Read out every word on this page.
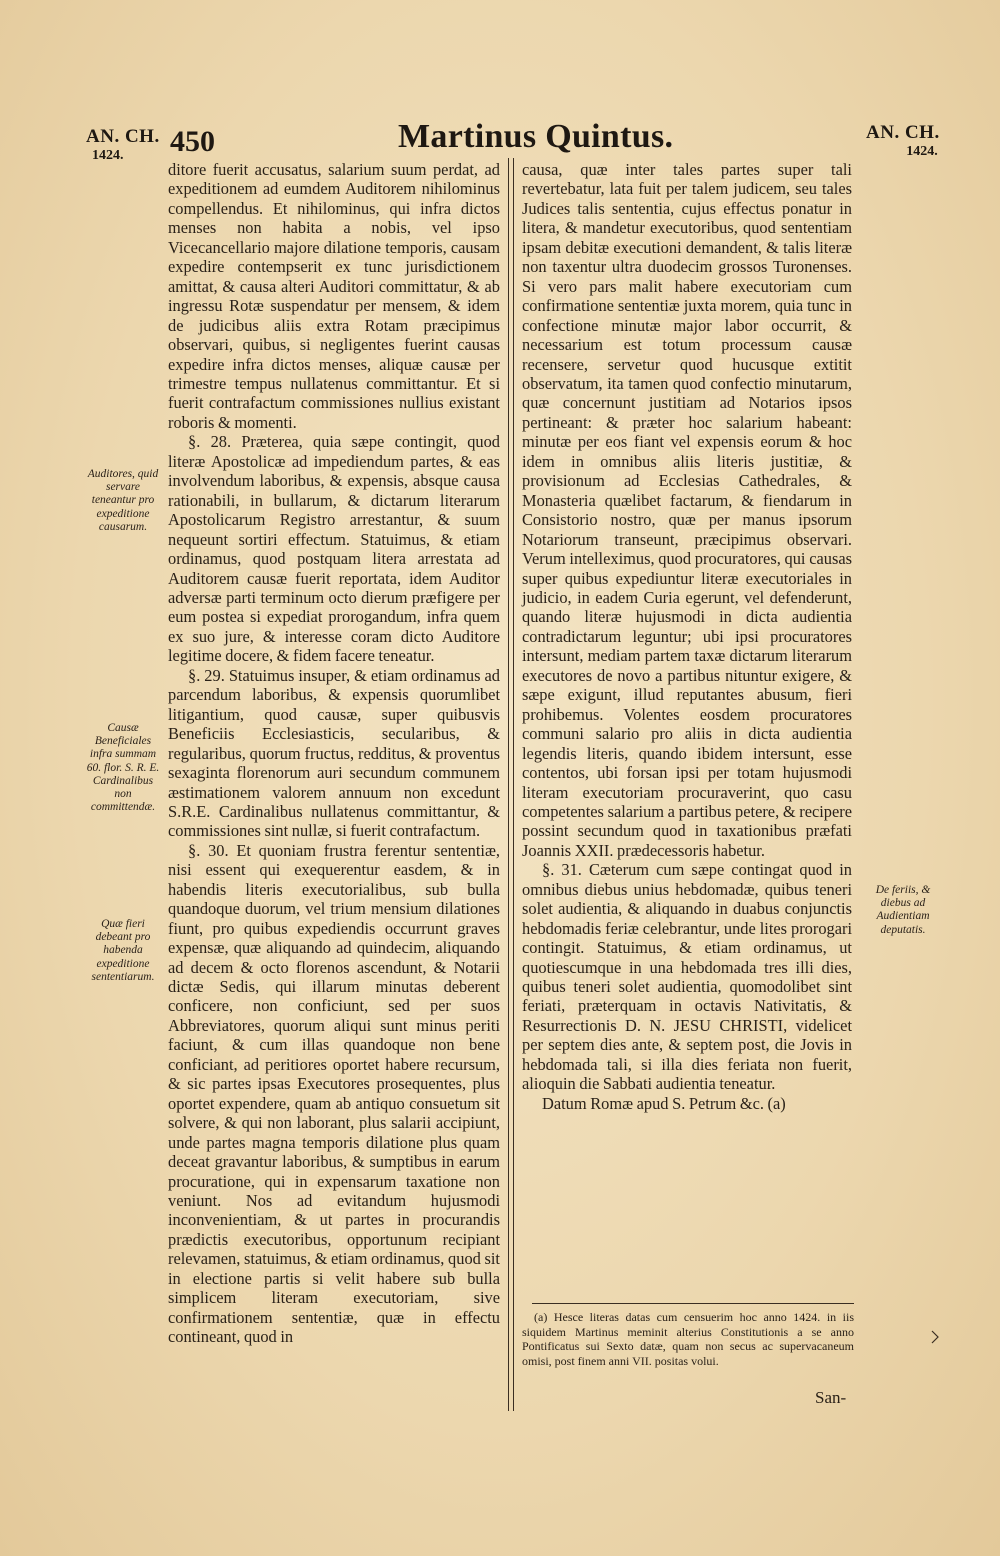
AN. CH.
1424.	450	Martinus Quintus.	AN. CH.
1424.

ditore fuerit accusatus, salarium suum perdat, ad expeditionem ad eumdem Auditorem nihilominus compellendus. Et nihilominus, qui infra dictos menses non habita a nobis, vel ipso Vicecancellario majore dilatione temporis, causam expedire contempserit ex tunc jurisdictionem amittat, & causa alteri Auditori committatur, & ab ingressu Rotæ suspendatur per mensem, & idem de judicibus aliis extra Rotam præcipimus observari, quibus, si negligentes fuerint causas expedire infra dictos menses, aliquæ causæ per trimestre tempus nullatenus committantur. Et si fuerit contrafactum commissiones nullius existant roboris & momenti.

§. 28. Præterea, quia sæpe contingit, quod literæ Apostolicæ ad impediendum partes, & eas involvendum laboribus, & expensis, absque causa rationabili, in bullarum, & dictarum literarum Apostolicarum Registro arrestantur, & suum nequeunt sortiri effectum. Statuimus, & etiam ordinamus, quod postquam litera arrestata ad Auditorem causæ fuerit reportata, idem Auditor adversæ parti terminum octo dierum præfigere per eum postea si expediat prorogandum, infra quem ex suo jure, & interesse coram dicto Auditore legitime docere, & fidem facere teneatur.

§. 29. Statuimus insuper, & etiam ordinamus ad parcendum laboribus, & expensis quorumlibet litigantium, quod causæ, super quibusvis Beneficiis Ecclesiasticis, secularibus, & regularibus, quorum fructus, redditus, & proventus sexaginta florenorum auri secundum communem æstimationem valorem annuum non excedunt S.R.E. Cardinalibus nullatenus committantur, & commissiones sint nullæ, si fuerit contrafactum.

§. 30. Et quoniam frustra ferentur sententiæ, nisi essent qui exequerentur easdem, & in habendis literis executorialibus, sub bulla quandoque duorum, vel trium mensium dilationes fiunt, pro quibus expediendis occurrunt graves expensæ, quæ aliquando ad quindecim, aliquando ad decem & octo florenos ascendunt, & Notarii dictæ Sedis, qui illarum minutas deberent conficere, non conficiunt, sed per suos Abbreviatores, quorum aliqui sunt minus periti faciunt, & cum illas quandoque non bene conficiant, ad peritiores oportet habere recursum, & sic partes ipsas Executores prosequentes, plus oportet expendere, quam ab antiquo consuetum sit solvere, & qui non laborant, plus salarii accipiunt, unde partes magna temporis dilatione plus quam deceat gravantur laboribus, & sumptibus in earum procuratione, qui in expensarum taxatione non veniunt. Nos ad evitandum hujusmodi inconvenientiam, & ut partes in procurandis prædictis executoribus, opportunum recipiant relevamen, statuimus, & etiam ordinamus, quod sit in electione partis si velit habere sub bulla simplicem literam executoriam, sive confirmationem sententiæ, quæ in effectu contineant, quod in

causa, quæ inter tales partes super tali revertebatur, lata fuit per talem judicem, seu tales Judices talis sententia, cujus effectus ponatur in litera, & mandetur executoribus, quod sententiam ipsam debitæ executioni demandent, & talis literæ non taxentur ultra duodecim grossos Turonenses. Si vero pars malit habere executoriam cum confirmatione sententiæ juxta morem, quia tunc in confectione minutæ major labor occurrit, & necessarium est totum processum causæ recensere, servetur quod hucusque extitit observatum, ita tamen quod confectio minutarum, quæ concernunt justitiam ad Notarios ipsos pertineant: & præter hoc salarium habeant: minutæ per eos fiant vel expensis eorum & hoc idem in omnibus aliis literis justitiæ, & provisionum ad Ecclesias Cathedrales, & Monasteria quælibet factarum, & fiendarum in Consistorio nostro, quæ per manus ipsorum Notariorum transeunt, præcipimus observari. Verum intelleximus, quod procuratores, qui causas super quibus expediuntur literæ executoriales in judicio, in eadem Curia egerunt, vel defenderunt, quando literæ hujusmodi in dicta audientia contradictarum leguntur; ubi ipsi procuratores intersunt, mediam partem taxæ dictarum literarum executores de novo a partibus nituntur exigere, & sæpe exigunt, illud reputantes abusum, fieri prohibemus. Volentes eosdem procuratores communi salario pro aliis in dicta audientia legendis literis, quando ibidem intersunt, esse contentos, ubi forsan ipsi per totam hujusmodi literam executoriam procuraverint, quo casu competentes salarium a partibus petere, & recipere possint secundum quod in taxationibus præfati Joannis XXII. prædecessoris habetur.

§. 31. Cæterum cum sæpe contingat quod in omnibus diebus unius hebdomadæ, quibus teneri solet audientia, & aliquando in duabus conjunctis hebdomadis feriæ celebrantur, unde lites prorogari contingit. Statuimus, & etiam ordinamus, ut quotiescumque in una hebdomada tres illi dies, quibus teneri solet audientia, quomodolibet sint feriati, præterquam in octavis Nativitatis, & Resurrectionis D. N. JESU CHRISTI, videlicet per septem dies ante, & septem post, die Jovis in hebdomada tali, si illa dies feriata non fuerit, alioquin die Sabbati audientia teneatur.

Datum Romæ apud S. Petrum &c. (a)

Auditores, quid servare teneantur pro expeditione causarum.
Causæ Beneficiales infra summam 60. flor. S. R. E. Cardinalibus non committendæ.
Quæ fieri debeant pro habenda expeditione sententiarum.
De feriis, & diebus ad Audientiam deputatis.

(a) Hesce literas datas cum censuerim hoc anno 1424. in iis siquidem Martinus meminit alterius Constitutionis a se anno Pontificatus sui Sexto datæ, quam non secus ac supervacaneum omisi, post finem anni VII. positas volui.

San-
